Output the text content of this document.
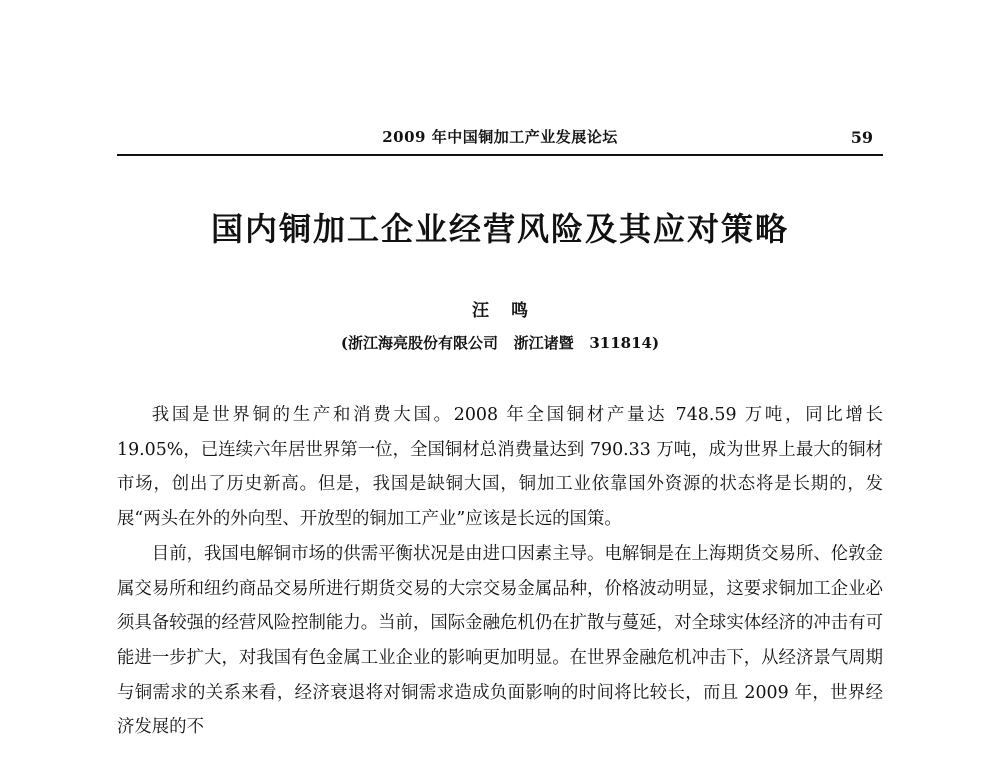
2009 年中国铜加工产业发展论坛	59
国内铜加工企业经营风险及其应对策略
汪鸣
(浙江海亮股份有限公司   浙江诸暨   311814)

我国是世界铜的生产和消费大国。2008 年全国铜材产量达 748.59 万吨，同比增长 19.05%，已连续六年居世界第一位，全国铜材总消费量达到 790.33 万吨，成为世界上最大的铜材市场，创出了历史新高。但是，我国是缺铜大国，铜加工业依靠国外资源的状态将是长期的，发展“两头在外的外向型、开放型的铜加工产业”应该是长远的国策。

目前，我国电解铜市场的供需平衡状况是由进口因素主导。电解铜是在上海期货交易所、伦敦金属交易所和纽约商品交易所进行期货交易的大宗交易金属品种，价格波动明显，这要求铜加工企业必须具备较强的经营风险控制能力。当前，国际金融危机仍在扩散与蔓延，对全球实体经济的冲击有可能进一步扩大，对我国有色金属工业企业的影响更加明显。在世界金融危机冲击下，从经济景气周期与铜需求的关系来看，经济衰退将对铜需求造成负面影响的时间将比较长，而且 2009 年，世界经济发展的不
